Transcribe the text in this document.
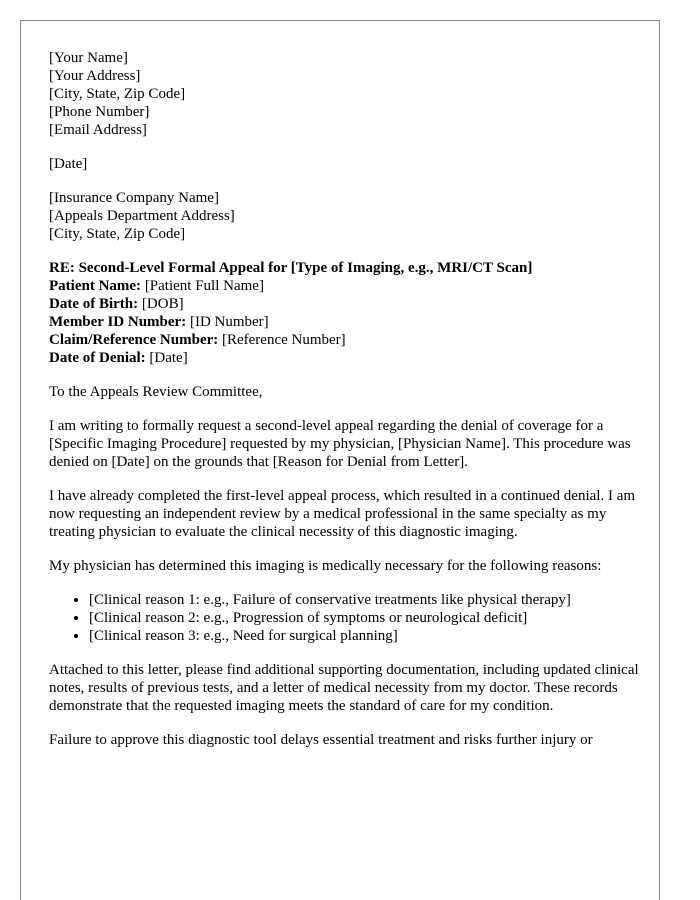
[Your Name]
[Your Address]
[City, State, Zip Code]
[Phone Number]
[Email Address]
[Date]
[Insurance Company Name]
[Appeals Department Address]
[City, State, Zip Code]
RE: Second-Level Formal Appeal for [Type of Imaging, e.g., MRI/CT Scan]
Patient Name: [Patient Full Name]
Date of Birth: [DOB]
Member ID Number: [ID Number]
Claim/Reference Number: [Reference Number]
Date of Denial: [Date]

To the Appeals Review Committee,

I am writing to formally request a second-level appeal regarding the denial of coverage for a [Specific Imaging Procedure] requested by my physician, [Physician Name]. This procedure was denied on [Date] on the grounds that [Reason for Denial from Letter].

I have already completed the first-level appeal process, which resulted in a continued denial. I am now requesting an independent review by a medical professional in the same specialty as my treating physician to evaluate the clinical necessity of this diagnostic imaging.

My physician has determined this imaging is medically necessary for the following reasons:

• [Clinical reason 1: e.g., Failure of conservative treatments like physical therapy]
• [Clinical reason 2: e.g., Progression of symptoms or neurological deficit]
• [Clinical reason 3: e.g., Need for surgical planning]

Attached to this letter, please find additional supporting documentation, including updated clinical notes, results of previous tests, and a letter of medical necessity from my doctor. These records demonstrate that the requested imaging meets the standard of care for my condition.

Failure to approve this diagnostic tool delays essential treatment and risks further injury or
